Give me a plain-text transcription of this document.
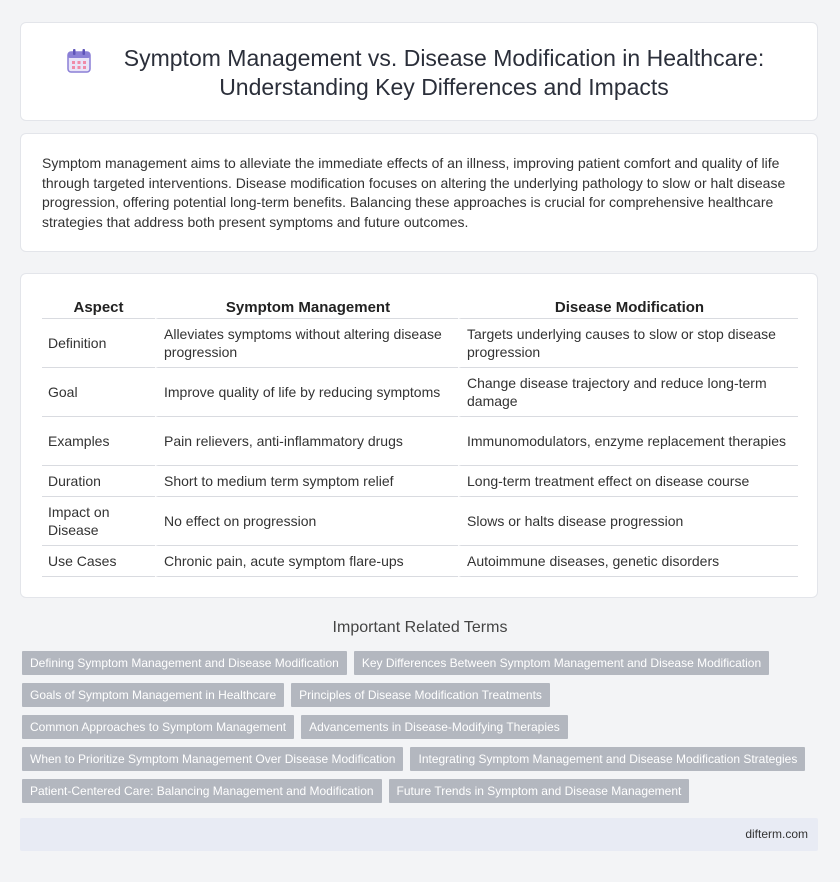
Symptom Management vs. Disease Modification in Healthcare: Understanding Key Differences and Impacts

Symptom management aims to alleviate the immediate effects of an illness, improving patient comfort and quality of life through targeted interventions. Disease modification focuses on altering the underlying pathology to slow or halt disease progression, offering potential long-term benefits. Balancing these approaches is crucial for comprehensive healthcare strategies that address both present symptoms and future outcomes.

Aspect	Symptom Management	Disease Modification
Definition	Alleviates symptoms without altering disease progression	Targets underlying causes to slow or stop disease progression
Goal	Improve quality of life by reducing symptoms	Change disease trajectory and reduce long-term damage
Examples	Pain relievers, anti-inflammatory drugs	Immunomodulators, enzyme replacement therapies
Duration	Short to medium term symptom relief	Long-term treatment effect on disease course
Impact on Disease	No effect on progression	Slows or halts disease progression
Use Cases	Chronic pain, acute symptom flare-ups	Autoimmune diseases, genetic disorders
Important Related Terms
Defining Symptom Management and Disease Modification	Key Differences Between Symptom Management and Disease Modification
Goals of Symptom Management in Healthcare	Principles of Disease Modification Treatments
Common Approaches to Symptom Management	Advancements in Disease-Modifying Therapies
When to Prioritize Symptom Management Over Disease Modification	Integrating Symptom Management and Disease Modification Strategies
Patient-Centered Care: Balancing Management and Modification	Future Trends in Symptom and Disease Management
difterm.com
